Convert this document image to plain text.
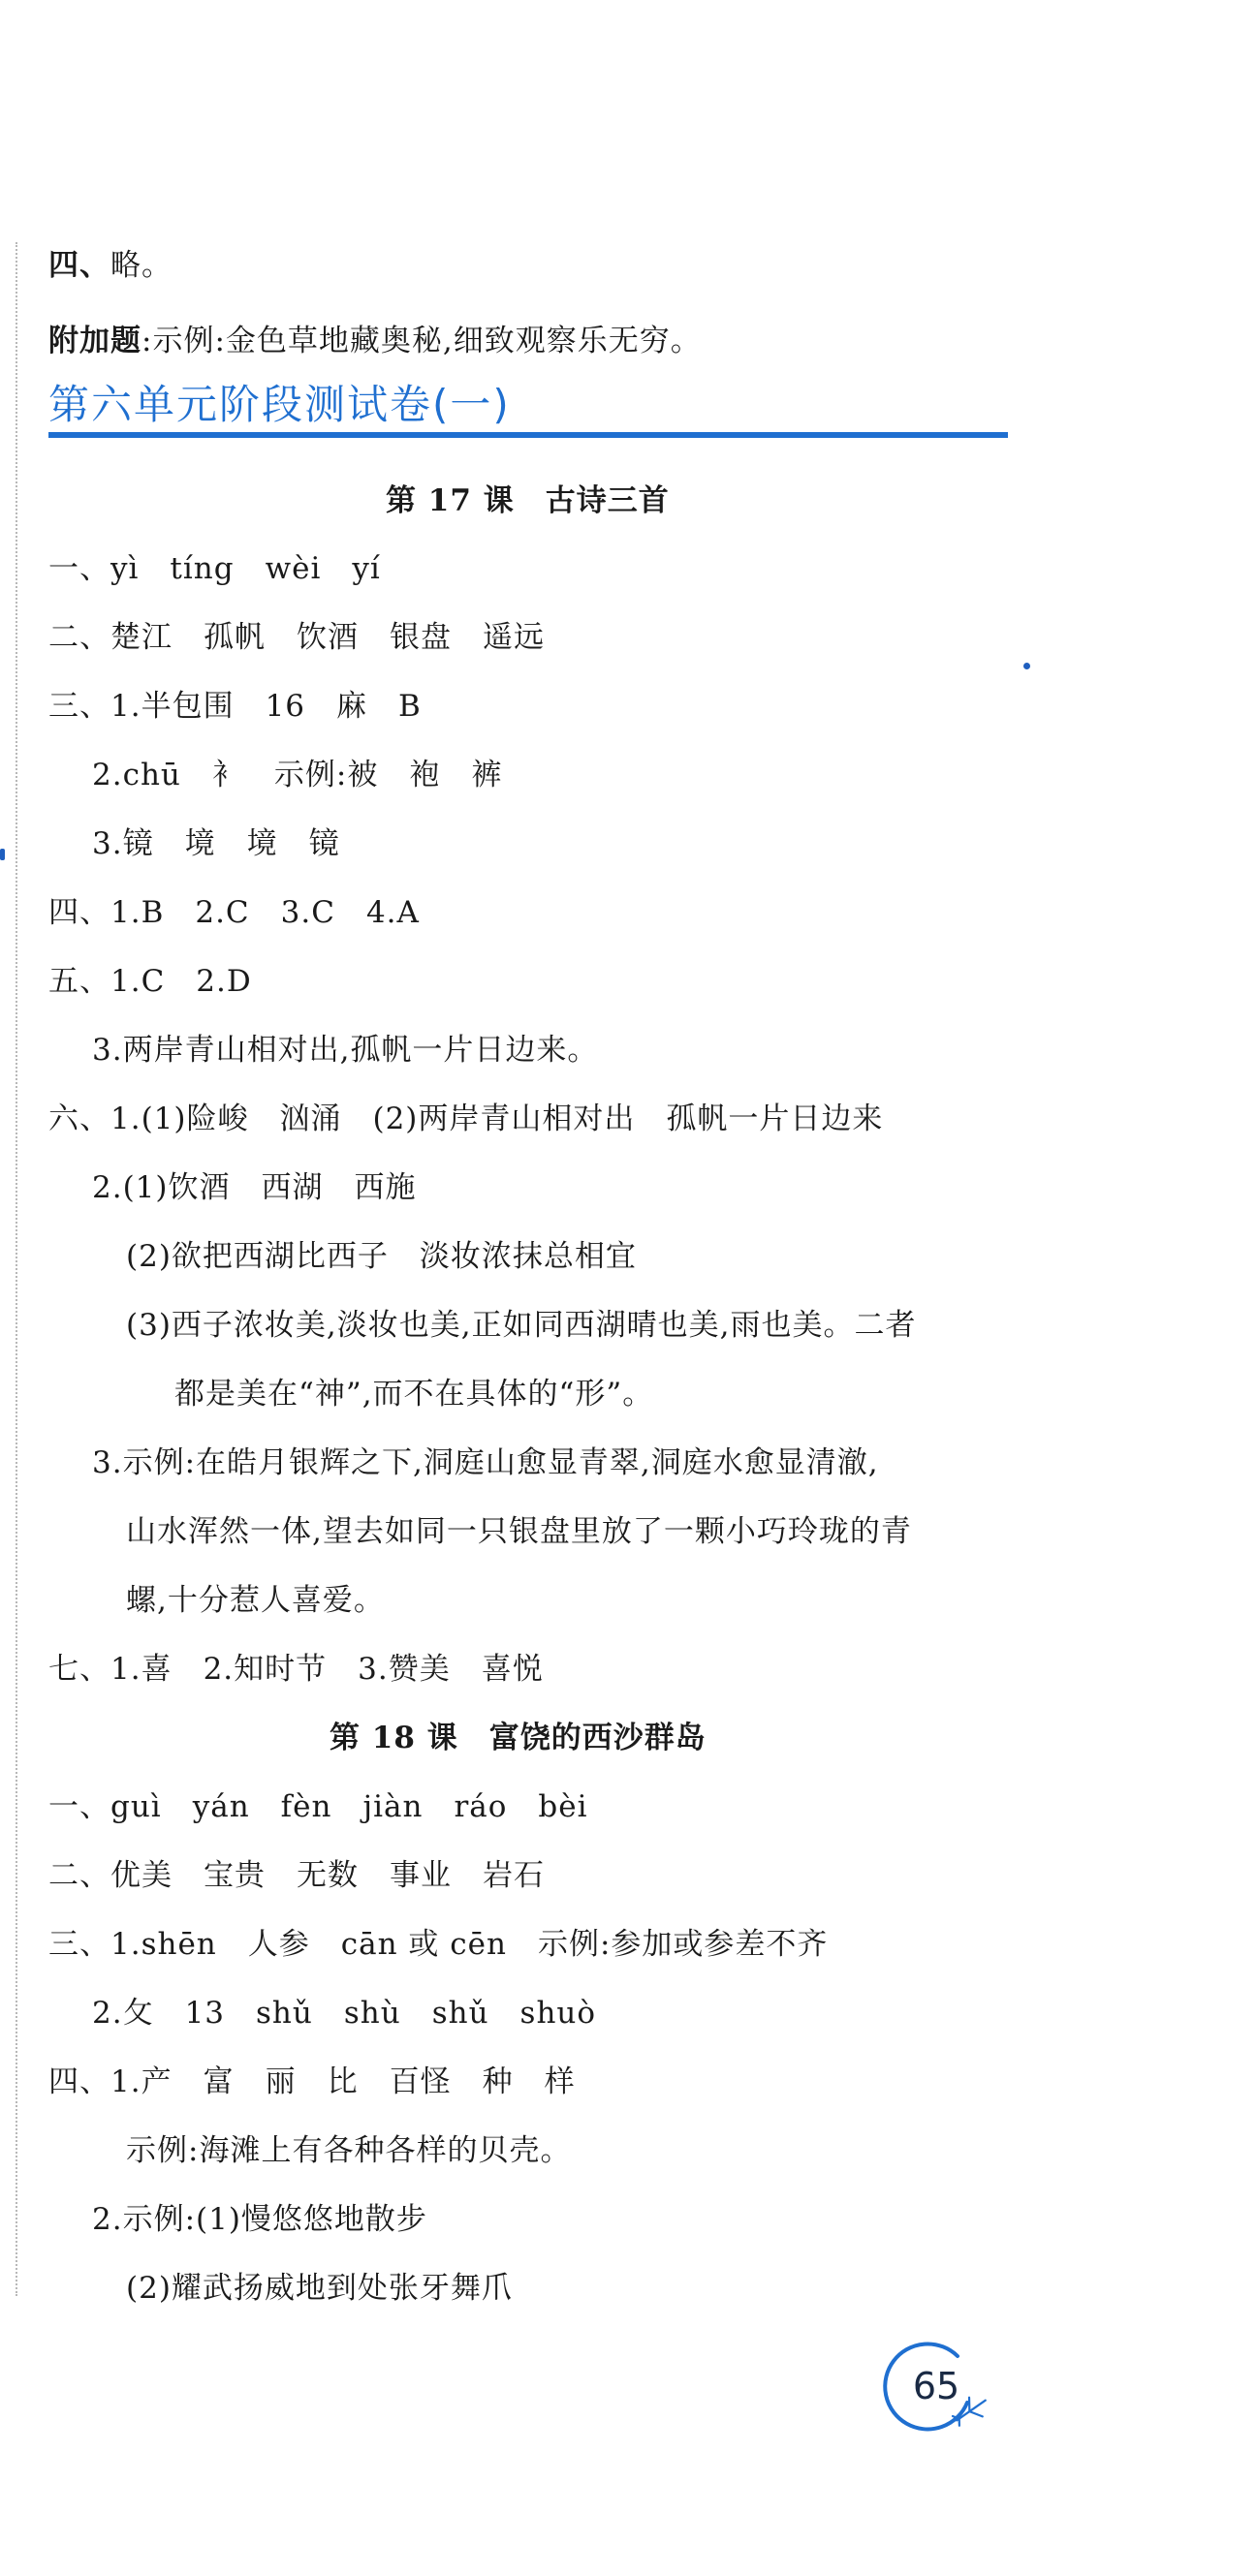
四、略。
附加题:示例:金色草地藏奥秘,细致观察乐无穷。
第六单元阶段测试卷(一)
第 17 课　古诗三首
一、yì　tíng　wèi　yí
二、楚江　孤帆　饮酒　银盘　遥远
三、1.半包围　16　麻　B
2.chū　衤　示例:被　袍　裤
3.镜　境　境　镜
四、1.B　2.C　3.C　4.A
五、1.C　2.D
3.两岸青山相对出,孤帆一片日边来。
六、1.(1)险峻　汹涌　(2)两岸青山相对出　孤帆一片日边来
2.(1)饮酒　西湖　西施
(2)欲把西湖比西子　淡妆浓抹总相宜
(3)西子浓妆美,淡妆也美,正如同西湖晴也美,雨也美。二者
都是美在“神”,而不在具体的“形”。
3.示例:在皓月银辉之下,洞庭山愈显青翠,洞庭水愈显清澈,
山水浑然一体,望去如同一只银盘里放了一颗小巧玲珑的青
螺,十分惹人喜爱。
七、1.喜　2.知时节　3.赞美　喜悦
第 18 课　富饶的西沙群岛
一、guì　yán　fèn　jiàn　ráo　bèi
二、优美　宝贵　无数　事业　岩石
三、1.shēn　人参　cān 或 cēn　示例:参加或参差不齐
2.攵　13　shǔ　shù　shǔ　shuò
四、1.产　富　丽　比　百怪　种　样
示例:海滩上有各种各样的贝壳。
2.示例:(1)慢悠悠地散步
(2)耀武扬威地到处张牙舞爪
65
